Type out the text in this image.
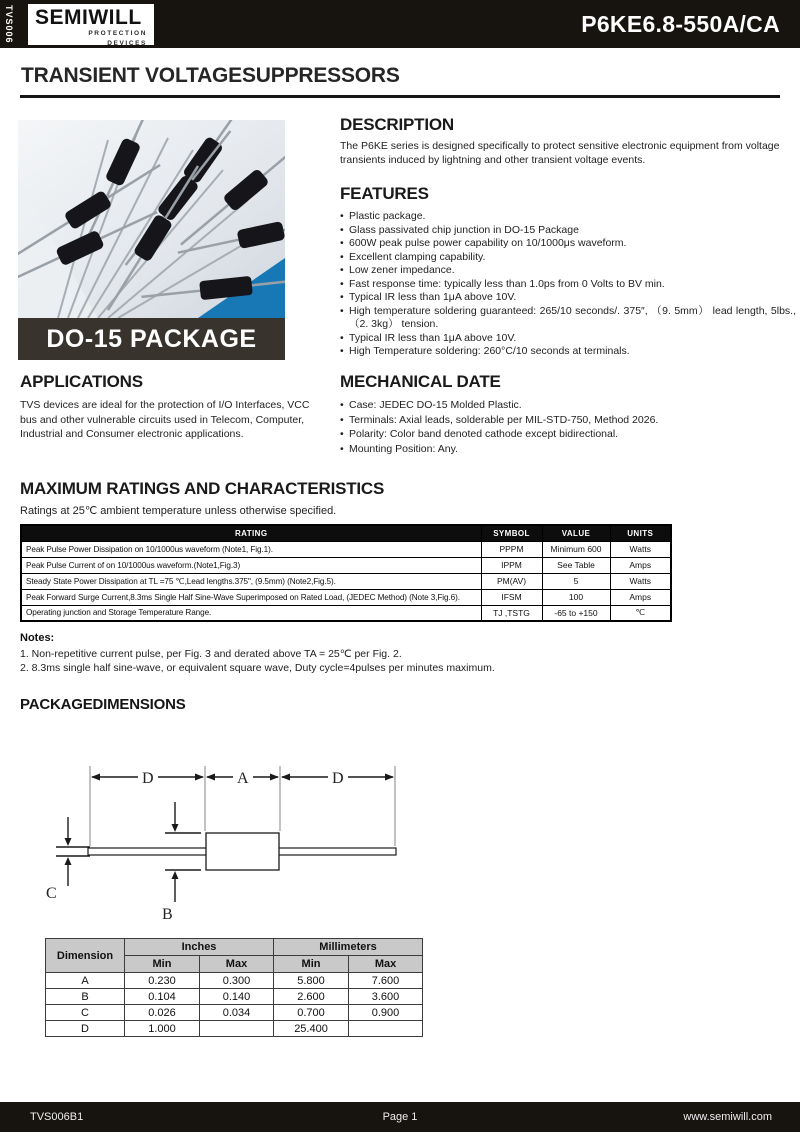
TVS006 SEMIWILL
PROTECTION
DEVICES
P6KE6.8-550A/CA
TRANSIENT VOLTAGESUPPRESSORS
DO-15 PACKAGE
DESCRIPTION
The P6KE series is designed specifically to protect sensitive electronic equipment from voltage transients induced by lightning and other transient voltage events.
FEATURES
• Plastic package.
• Glass passivated chip junction in DO-15 Package
• 600W peak pulse power capability on 10/1000μs waveform.
• Excellent clamping capability.
• Low zener impedance.
• Fast response time: typically less than 1.0ps from 0 Volts to BV min.
• Typical IR less than 1μA above 10V.
• High temperature soldering guaranteed: 265/10 seconds/. 375″, （9. 5mm） lead length, 5lbs., （2. 3kg） tension.
• Typical IR less than 1μA above 10V.
• High Temperature soldering: 260°C/10 seconds at terminals.
APPLICATIONS
TVS devices are ideal for the protection of I/O Interfaces, VCC bus and other vulnerable circuits used in Telecom, Computer, Industrial and Consumer electronic applications.
MECHANICAL DATE
• Case: JEDEC DO-15 Molded Plastic.
• Terminals: Axial leads, solderable per MIL-STD-750, Method 2026.
• Polarity: Color band denoted cathode except bidirectional.
• Mounting Position: Any.
MAXIMUM RATINGS AND CHARACTERISTICS
Ratings at 25℃ ambient temperature unless otherwise specified.
RATING	SYMBOL	VALUE	UNITS
Peak Pulse Power Dissipation on 10/1000us waveform (Note1, Fig.1).	PPPM	Minimum 600	Watts
Peak Pulse Current of on 10/1000us waveform.(Note1,Fig.3)	IPPM	See Table	Amps
Steady State Power Dissipation at TL =75 ℃,Lead lengths.375", (9.5mm) (Note2,Fig.5).	PM(AV)	5	Watts
Peak Forward Surge Current,8.3ms Single Half Sine-Wave Superimposed on Rated Load, (JEDEC Method) (Note 3,Fig.6).	IFSM	100	Amps
Operating junction and Storage Temperature Range.	TJ ,TSTG	-65 to +150	℃
Notes:
1. Non-repetitive current pulse, per Fig. 3 and derated above TA = 25℃ per Fig. 2.
2. 8.3ms single half sine-wave, or equivalent square wave, Duty cycle=4pulses per minutes maximum.
PACKAGEDIMENSIONS
D	A	D
B
C
Dimension	Inches		Millimeters	
	Min	Max	Min	Max
A	0.230	0.300	5.800	7.600
B	0.104	0.140	2.600	3.600
C	0.026	0.034	0.700	0.900
D	1.000		25.400	
Page 1
TVS006B1	www.semiwill.com
